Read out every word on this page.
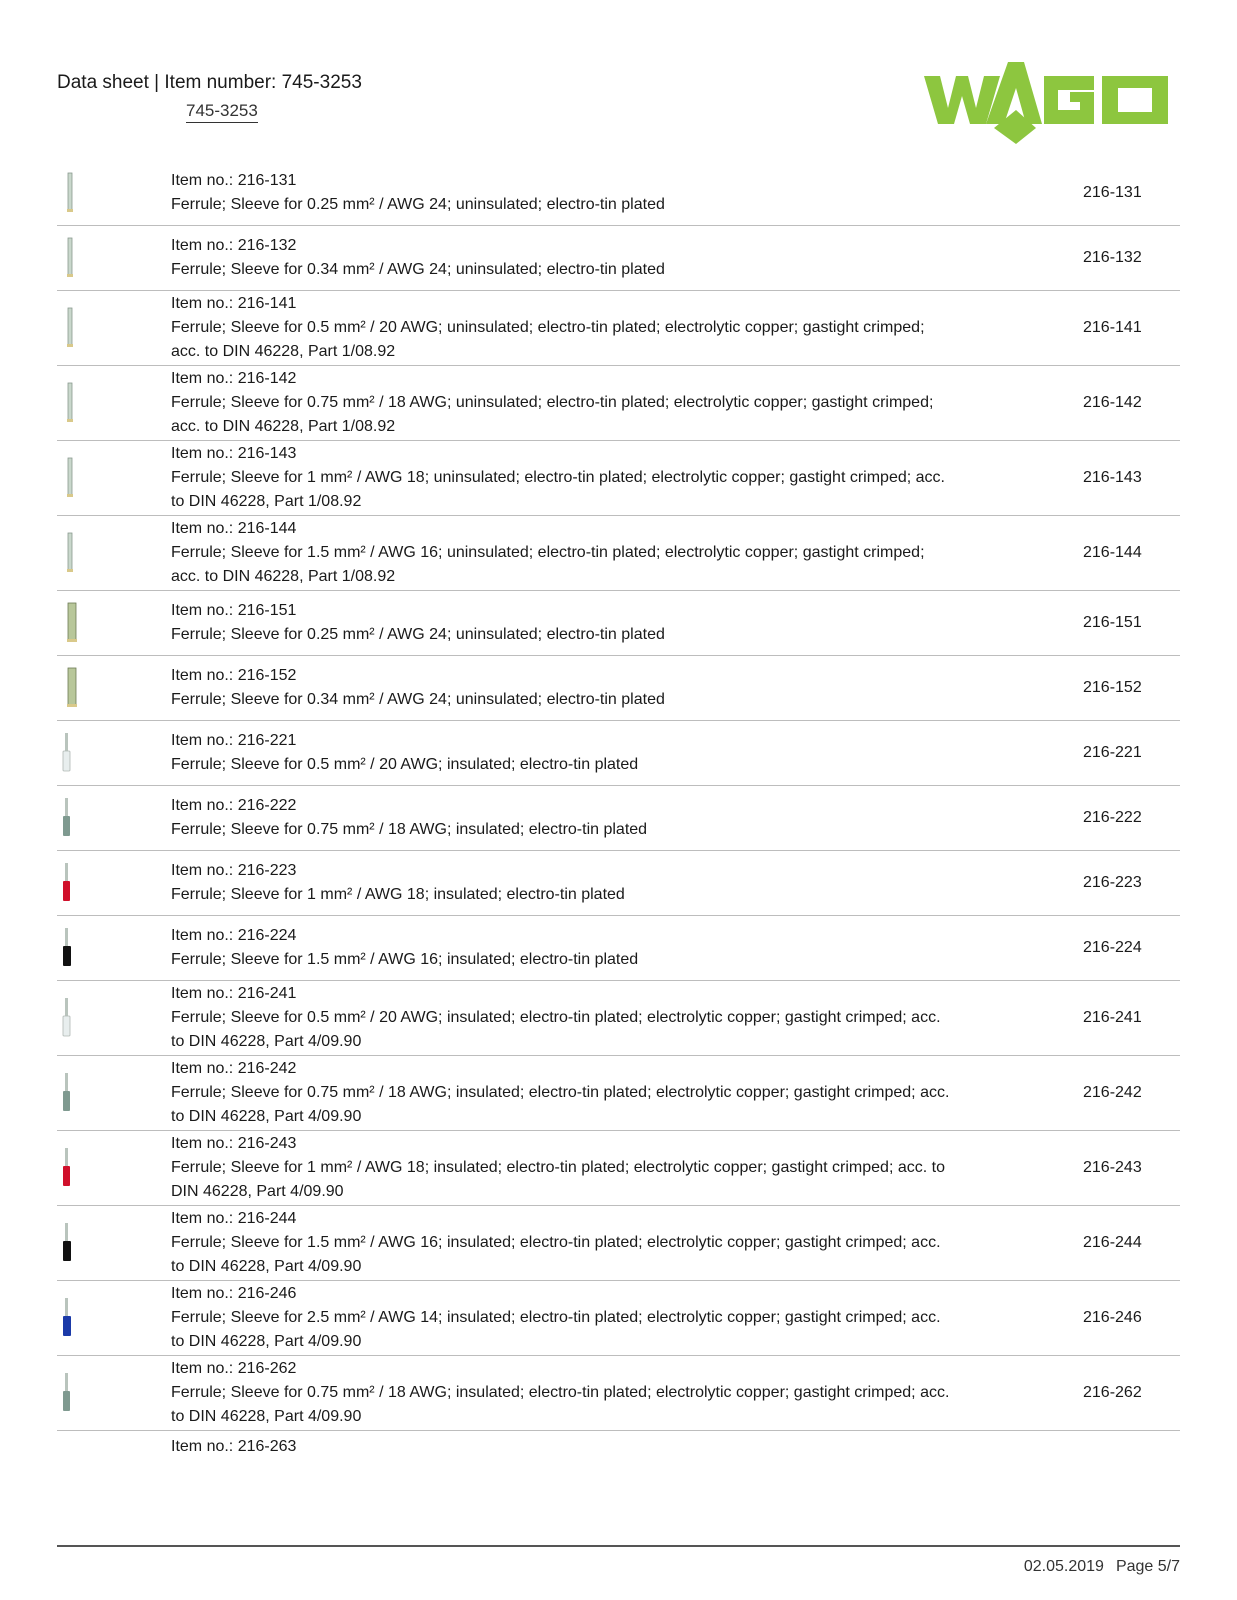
Data sheet | Item number: 745-3253
745-3253
Item no.: 216-131
Ferrule; Sleeve for 0.25 mm² / AWG 24; uninsulated; electro-tin plated
216-131
Item no.: 216-132
Ferrule; Sleeve for 0.34 mm² / AWG 24; uninsulated; electro-tin plated
216-132
Item no.: 216-141
Ferrule; Sleeve for 0.5 mm² / 20 AWG; uninsulated; electro-tin plated; electrolytic copper; gastight crimped; acc. to DIN 46228, Part 1/08.92
216-141
Item no.: 216-142
Ferrule; Sleeve for 0.75 mm² / 18 AWG; uninsulated; electro-tin plated; electrolytic copper; gastight crimped; acc. to DIN 46228, Part 1/08.92
216-142
Item no.: 216-143
Ferrule; Sleeve for 1 mm² / AWG 18; uninsulated; electro-tin plated; electrolytic copper; gastight crimped; acc. to DIN 46228, Part 1/08.92
216-143
Item no.: 216-144
Ferrule; Sleeve for 1.5 mm² / AWG 16; uninsulated; electro-tin plated; electrolytic copper; gastight crimped; acc. to DIN 46228, Part 1/08.92
216-144
Item no.: 216-151
Ferrule; Sleeve for 0.25 mm² / AWG 24; uninsulated; electro-tin plated
216-151
Item no.: 216-152
Ferrule; Sleeve for 0.34 mm² / AWG 24; uninsulated; electro-tin plated
216-152
Item no.: 216-221
Ferrule; Sleeve for 0.5 mm² / 20 AWG; insulated; electro-tin plated
216-221
Item no.: 216-222
Ferrule; Sleeve for 0.75 mm² / 18 AWG; insulated; electro-tin plated
216-222
Item no.: 216-223
Ferrule; Sleeve for 1 mm² / AWG 18; insulated; electro-tin plated
216-223
Item no.: 216-224
Ferrule; Sleeve for 1.5 mm² / AWG 16; insulated; electro-tin plated
216-224
Item no.: 216-241
Ferrule; Sleeve for 0.5 mm² / 20 AWG; insulated; electro-tin plated; electrolytic copper; gastight crimped; acc. to DIN 46228, Part 4/09.90
216-241
Item no.: 216-242
Ferrule; Sleeve for 0.75 mm² / 18 AWG; insulated; electro-tin plated; electrolytic copper; gastight crimped; acc. to DIN 46228, Part 4/09.90
216-242
Item no.: 216-243
Ferrule; Sleeve for 1 mm² / AWG 18; insulated; electro-tin plated; electrolytic copper; gastight crimped; acc. to DIN 46228, Part 4/09.90
216-243
Item no.: 216-244
Ferrule; Sleeve for 1.5 mm² / AWG 16; insulated; electro-tin plated; electrolytic copper; gastight crimped; acc. to DIN 46228, Part 4/09.90
216-244
Item no.: 216-246
Ferrule; Sleeve for 2.5 mm² / AWG 14; insulated; electro-tin plated; electrolytic copper; gastight crimped; acc. to DIN 46228, Part 4/09.90
216-246
Item no.: 216-262
Ferrule; Sleeve for 0.75 mm² / 18 AWG; insulated; electro-tin plated; electrolytic copper; gastight crimped; acc. to DIN 46228, Part 4/09.90
216-262
Item no.: 216-263
02.05.2019 Page 5/7
